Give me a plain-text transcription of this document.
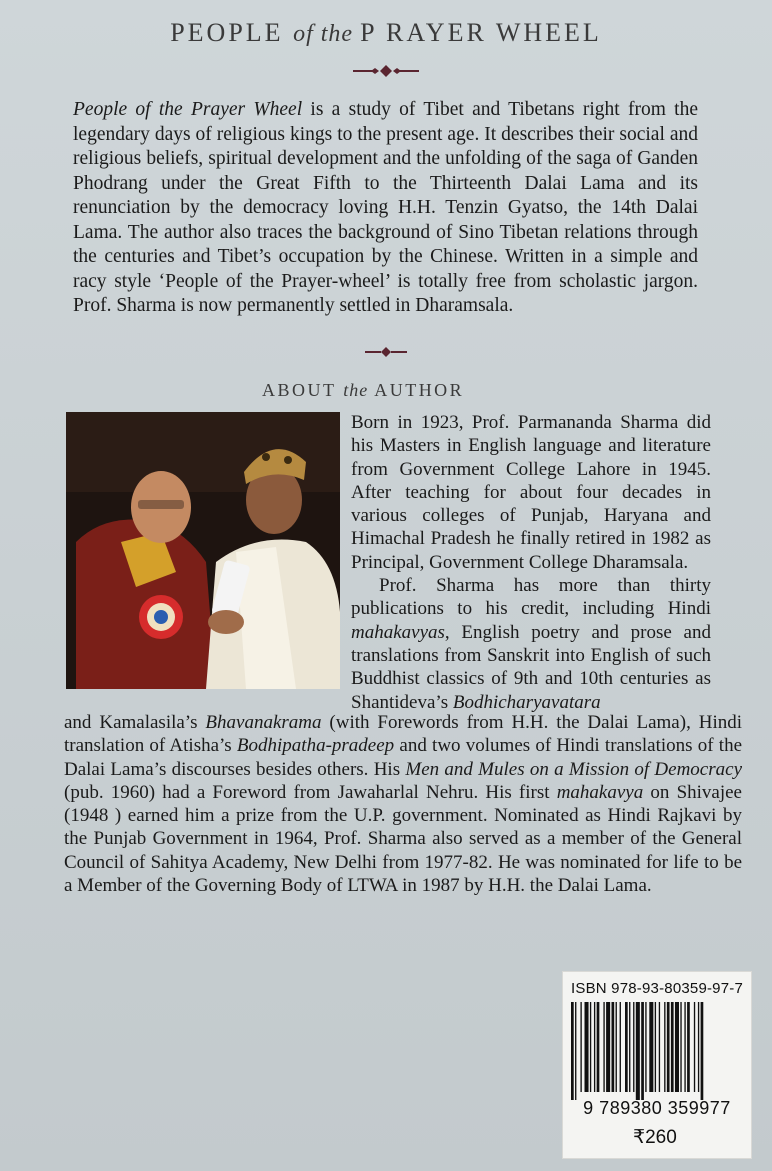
PEOPLE of the P RAYER WHEEL
People of the Prayer Wheel is a study of Tibet and Tibetans right from the legendary days of religious kings to the present age. It describes their social and religious beliefs, spiritual development and the unfolding of the saga of Ganden Phodrang under the Great Fifth to the Thirteenth Dalai Lama and its renunciation by the democracy loving H.H. Tenzin Gyatso, the 14th Dalai Lama. The author also traces the background of Sino Tibetan relations through the centuries and Tibet’s occupation by the Chinese. Written in a simple and racy style ‘People of the Prayer-wheel’ is totally free from scholastic jargon. Prof. Sharma is now permanently settled in Dharamsala.
ABOUT the AUTHOR

Born in 1923, Prof. Parmananda Sharma did his Masters in English language and literature from Government College Lahore in 1945. After teaching for about four decades in various colleges of Punjab, Haryana and Himachal Pradesh he finally retired in 1982 as Principal, Government College Dharamsala.

Prof. Sharma has more than thirty publications to his credit, including Hindi mahakavyas, English poetry and prose and translations from Sanskrit into English of such Buddhist classics of 9th and 10th centuries as Shantideva’s Bodhicharyavatara

and Kamalasila’s Bhavanakrama (with Forewords from H.H. the Dalai Lama), Hindi translation of Atisha’s Bodhipatha-pradeep and two volumes of Hindi translations of the Dalai Lama’s discourses besides others. His Men and Mules on a Mission of Democracy (pub. 1960) had a Foreword from Jawaharlal Nehru. His first mahakavya on Shivajee (1948 ) earned him a prize from the U.P. government. Nominated as Hindi Rajkavi by the Punjab Government in 1964, Prof. Sharma also served as a member of the General Council of Sahitya Academy, New Delhi from 1977-82. He was nominated for life to be a Member of the Governing Body of LTWA in 1987 by H.H. the Dalai Lama.
ISBN 978-93-80359-97-7
9 789380 359977
₹260
